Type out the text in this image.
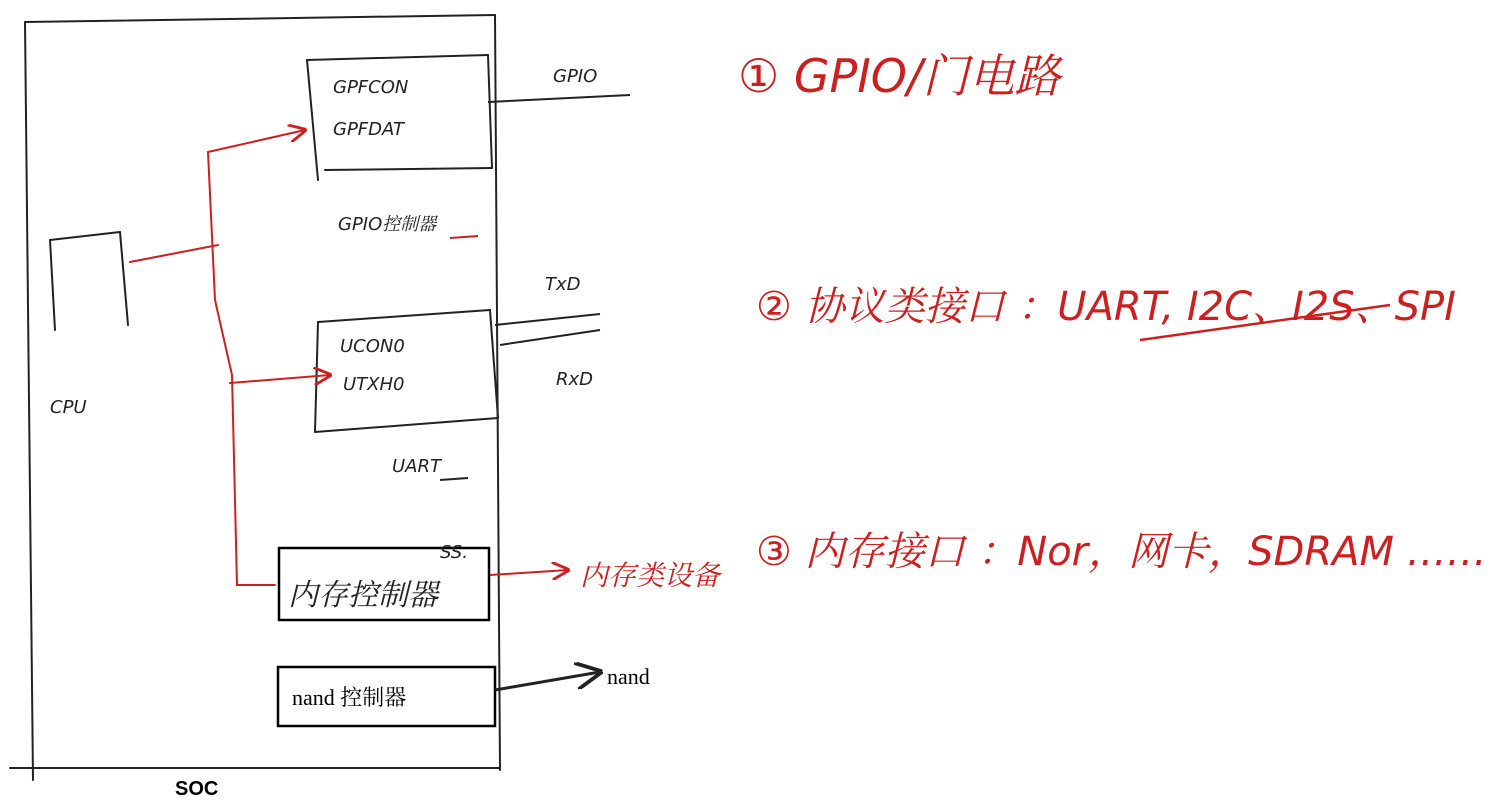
SOC
CPU
GPFCON
GPFDAT
GPIO控制器
GPIO
UCON0
UTXH0
UART
TxD
RxD
内存控制器
SS.
内存类设备
nand 控制器
nand
① GPIO/门电路
② 协议类接口 ：UART, I2C、I2S、SPI
③ 内存接口 ：Nor，网卡，SDRAM ……
